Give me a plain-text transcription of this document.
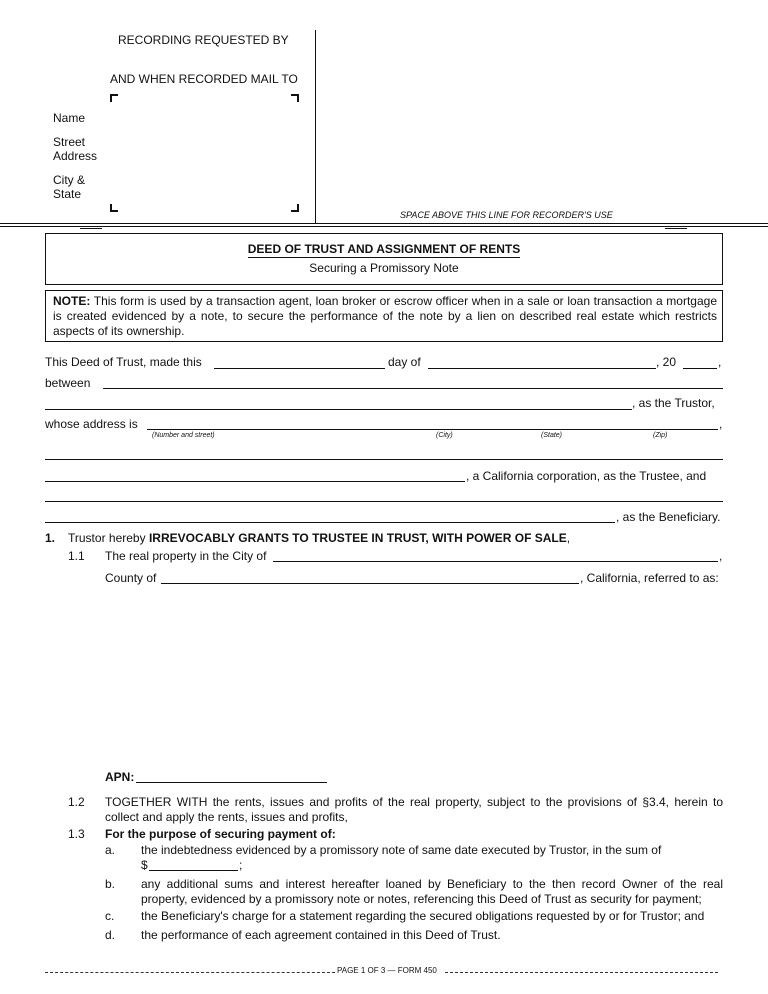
RECORDING REQUESTED BY
AND WHEN RECORDED MAIL TO
Name
Street
Address
City &
State
SPACE ABOVE THIS LINE FOR RECORDER'S USE
DEED OF TRUST AND ASSIGNMENT OF RENTS
Securing a Promissory Note
NOTE: This form is used by a transaction agent, loan broker or escrow officer when in a sale or loan transaction a mortgage is created evidenced by a note, to secure the performance of the note by a lien on described real estate which restricts aspects of its ownership.
This Deed of Trust, made this	day of	, 20	,
between
, as the Trustor,
whose address is	,
(Number and street)	(City)	(State)	(Zip)
, a California corporation, as the Trustee, and
, as the Beneficiary.
1. Trustor hereby IRREVOCABLY GRANTS TO TRUSTEE IN TRUST, WITH POWER OF SALE,
1.1 The real property in the City of	,
County of	, California, referred to as:
APN:
1.2 TOGETHER WITH the rents, issues and profits of the real property, subject to the provisions of §3.4, herein to collect and apply the rents, issues and profits,
1.3 For the purpose of securing payment of:
a. the indebtedness evidenced by a promissory note of same date executed by Trustor, in the sum of
$	;
b. any additional sums and interest hereafter loaned by Beneficiary to the then record Owner of the real property, evidenced by a promissory note or notes, referencing this Deed of Trust as security for payment;
c. the Beneficiary's charge for a statement regarding the secured obligations requested by or for Trustor; and
d. the performance of each agreement contained in this Deed of Trust.
PAGE 1 OF 3 — FORM 450
